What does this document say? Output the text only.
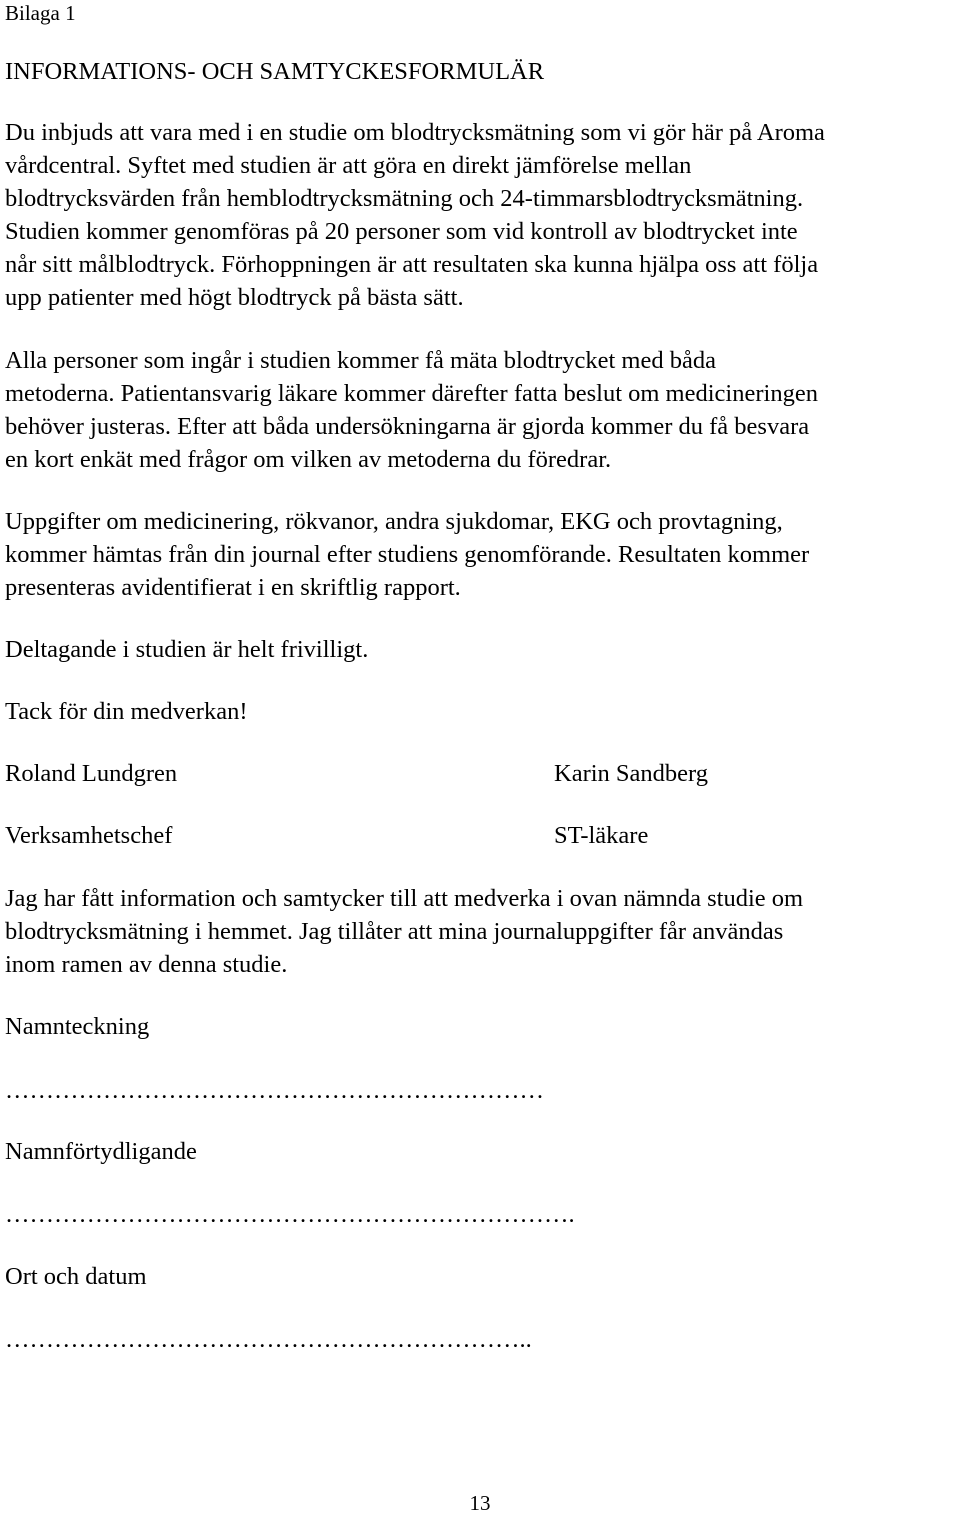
Bilaga 1

INFORMATIONS- OCH SAMTYCKESFORMULÄR

Du inbjuds att vara med i en studie om blodtrycksmätning som vi gör här på Aroma

vårdcentral. Syftet med studien är att göra en direkt jämförelse mellan

blodtrycksvärden från hemblodtrycksmätning och 24-timmarsblodtrycksmätning.

Studien kommer genomföras på 20 personer som vid kontroll av blodtrycket inte

når sitt målblodtryck. Förhoppningen är att resultaten ska kunna hjälpa oss att följa

upp patienter med högt blodtryck på bästa sätt.

Alla personer som ingår i studien kommer få mäta blodtrycket med båda

metoderna. Patientansvarig läkare kommer därefter fatta beslut om medicineringen

behöver justeras. Efter att båda undersökningarna är gjorda kommer du få besvara

en kort enkät med frågor om vilken av metoderna du föredrar.

Uppgifter om medicinering, rökvanor, andra sjukdomar, EKG och provtagning,

kommer hämtas från din journal efter studiens genomförande. Resultaten kommer

presenteras avidentifierat i en skriftlig rapport.

Deltagande i studien är helt frivilligt.

Tack för din medverkan!

Roland Lundgren

Verksamhetschef

Karin Sandberg

ST-läkare

Jag har fått information och samtycker till att medverka i ovan nämnda studie om

blodtrycksmätning i hemmet. Jag tillåter att mina journaluppgifter får användas

inom ramen av denna studie.

Namnteckning

…………………………………………………………

Namnförtydligande

…………………………………………………………….

Ort och datum

………………………………………………………..

13
